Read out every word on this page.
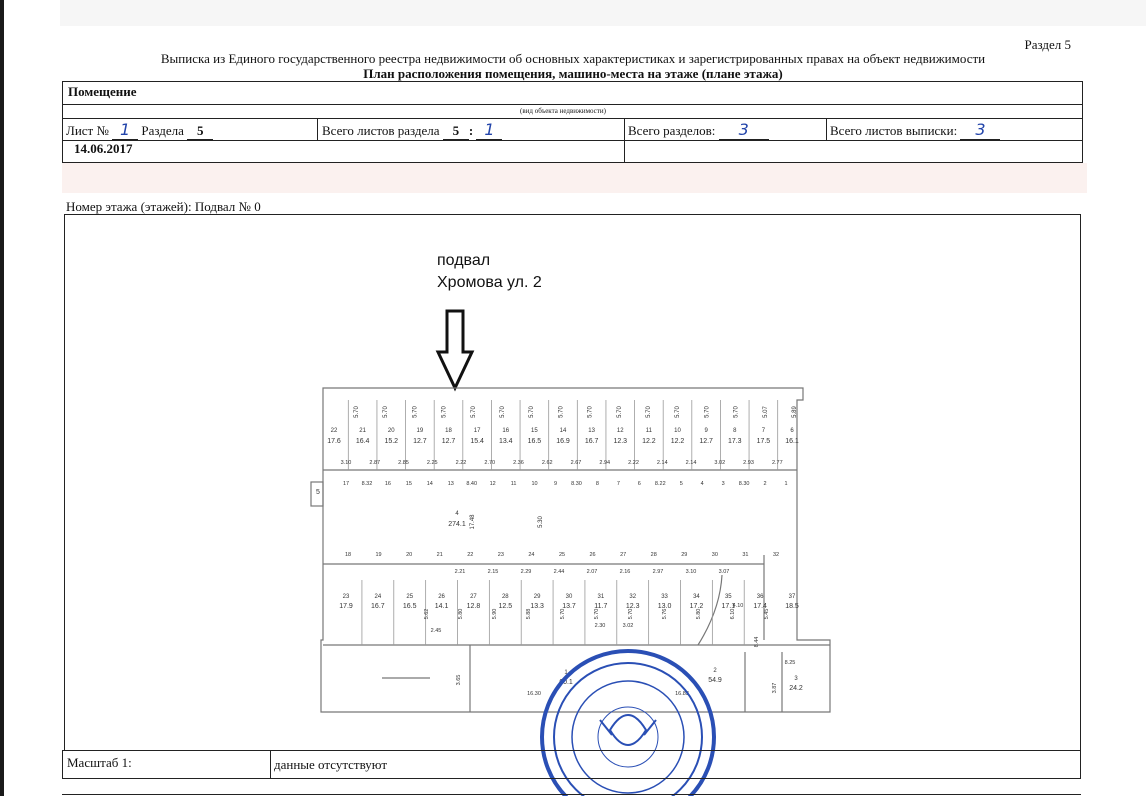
Раздел 5
Выписка из Единого государственного реестра недвижимости об основных характеристиках и зарегистрированных правах на объект недвижимости
План расположения помещения, машино-места на этаже (плане этажа)
Помещение
(вид объекта недвижимости)
Лист № 1 Раздела 5	Всего листов раздела 5 : 1	Всего разделов: 3	Всего листов выписки: 3
14.06.2017
Номер этажа (этажей): Подвал № 0
подвал
Хромова ул. 2
22
17.6
21
16.4
20
15.2
19
12.7
18
12.7
17
15.4
16
13.4
15
16.5
14
16.9
13
16.7
12
12.3
11
12.2
10
12.2
9
12.7
8
17.3
7
17.5
6
16.1
5.70	5.70	5.70	5.70	5.70	5.70	5.70	5.70	5.70	5.70	5.70	5.70	5.70	5.70	5.07	5.89
3.10	2.87	2.85	2.25	2.22	2.70	2.36	2.62	2.67	2.94	2.22	2.14	2.14	3.02	2.93	2.77
17 8.32 16	15	14	13 8.40 12	11	10	9	8.30	8	7	6	8.22	5	4	3	8.30	2	1
4
274.1 17.48	5.30
5
18	19	20	21	22	23	24	25	26	27	28	29	30	31	32
2.21	2.15	2.29	2.44	2.07	2.16	2.97	3.10	3.07
23
17.9
24
16.7
25
16.5
26
14.1
27
12.8
28
12.5
29
13.3
30
13.7
31
11.7
32
12.3
33
13.0
34
17.2
35
17.1
36
17.4
37
18.5
5.62	5.80	5.90	5.88	5.70	5.70	5.70	5.76	5.80	6.10	5.45
2.45
2.30	3.02
4.10
8.44
8.25
3.65
16.30	16.83
3.87
1
60.1
2
54.9	3
24.2
Масштаб 1:	данные отсутствуют
